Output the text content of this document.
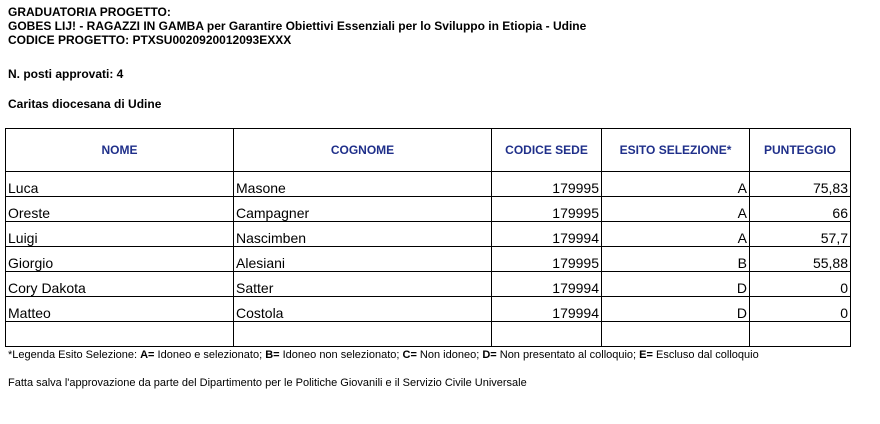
GRADUATORIA PROGETTO:
GOBES LIJ! - RAGAZZI IN GAMBA per Garantire Obiettivi Essenziali per lo Sviluppo in Etiopia - Udine
CODICE PROGETTO: PTXSU0020920012093EXXX
N. posti approvati: 4
Caritas diocesana di Udine
NOME	COGNOME	CODICE SEDE	ESITO SELEZIONE*	PUNTEGGIO
Luca	Masone	179995	A	75,83
Oreste	Campagner	179995	A	66
Luigi	Nascimben	179994	A	57,7
Giorgio	Alesiani	179995	B	55,88
Cory Dakota	Satter	179994	D	0
Matteo	Costola	179994	D	0

*Legenda Esito Selezione: A= Idoneo e selezionato; B= Idoneo non selezionato; C= Non idoneo; D= Non presentato al colloquio; E= Escluso dal colloquio
Fatta salva l'approvazione da parte del Dipartimento per le Politiche Giovanili e il Servizio Civile Universale
